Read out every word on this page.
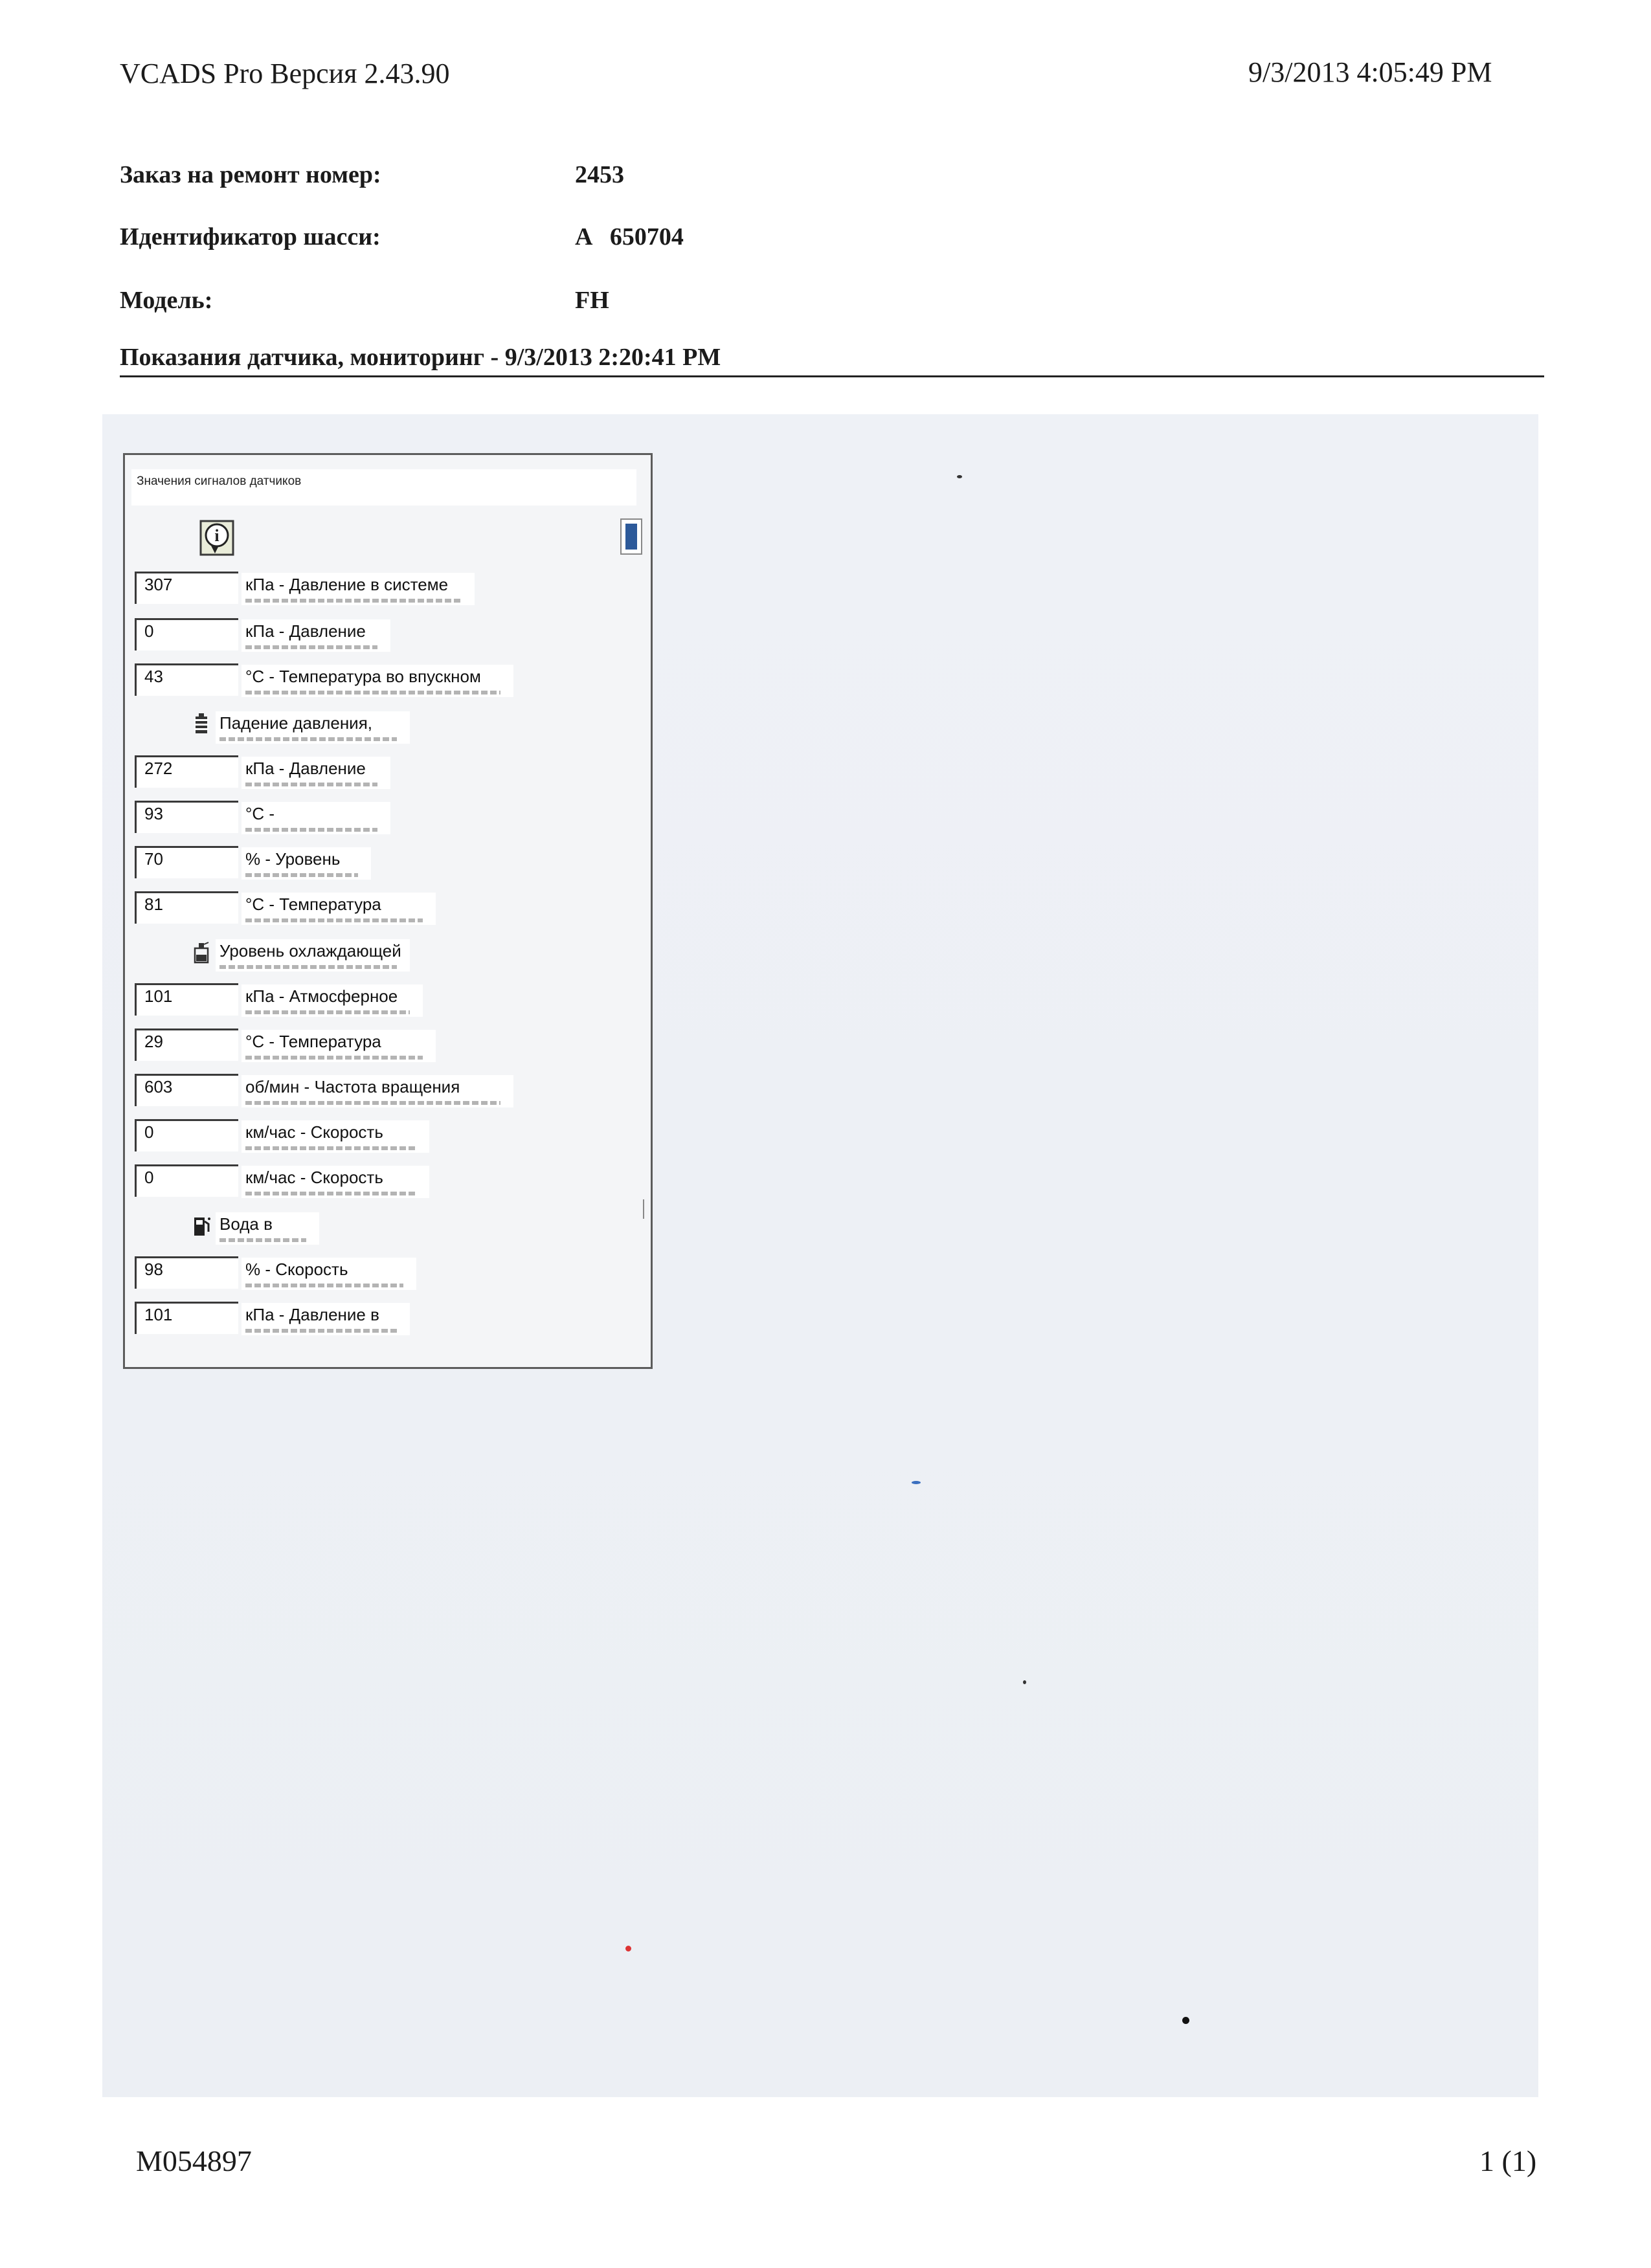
VCADS Pro Версия 2.43.90	9/3/2013 4:05:49 PM
Заказ на ремонт номер:	2453
Идентификатор шасси:	A   650704
Модель:	FH
Показания датчика, мониторинг - 9/3/2013 2:20:41 PM
Значения сигналов датчиков
i
307	кПа - Давление в системе
0	кПа - Давление
43	°С - Температура во впускном
Падение давления,
272	кПа - Давление
93	°С -
70	% - Уровень
81	°С - Температура
Уровень охлаждающей
101	кПа - Атмосферное
29	°С - Температура
603	об/мин - Частота вращения
0	км/час - Скорость
0	км/час - Скорость
Вода в
98	% - Скорость
101	кПа - Давление в
M054897	1 (1)
